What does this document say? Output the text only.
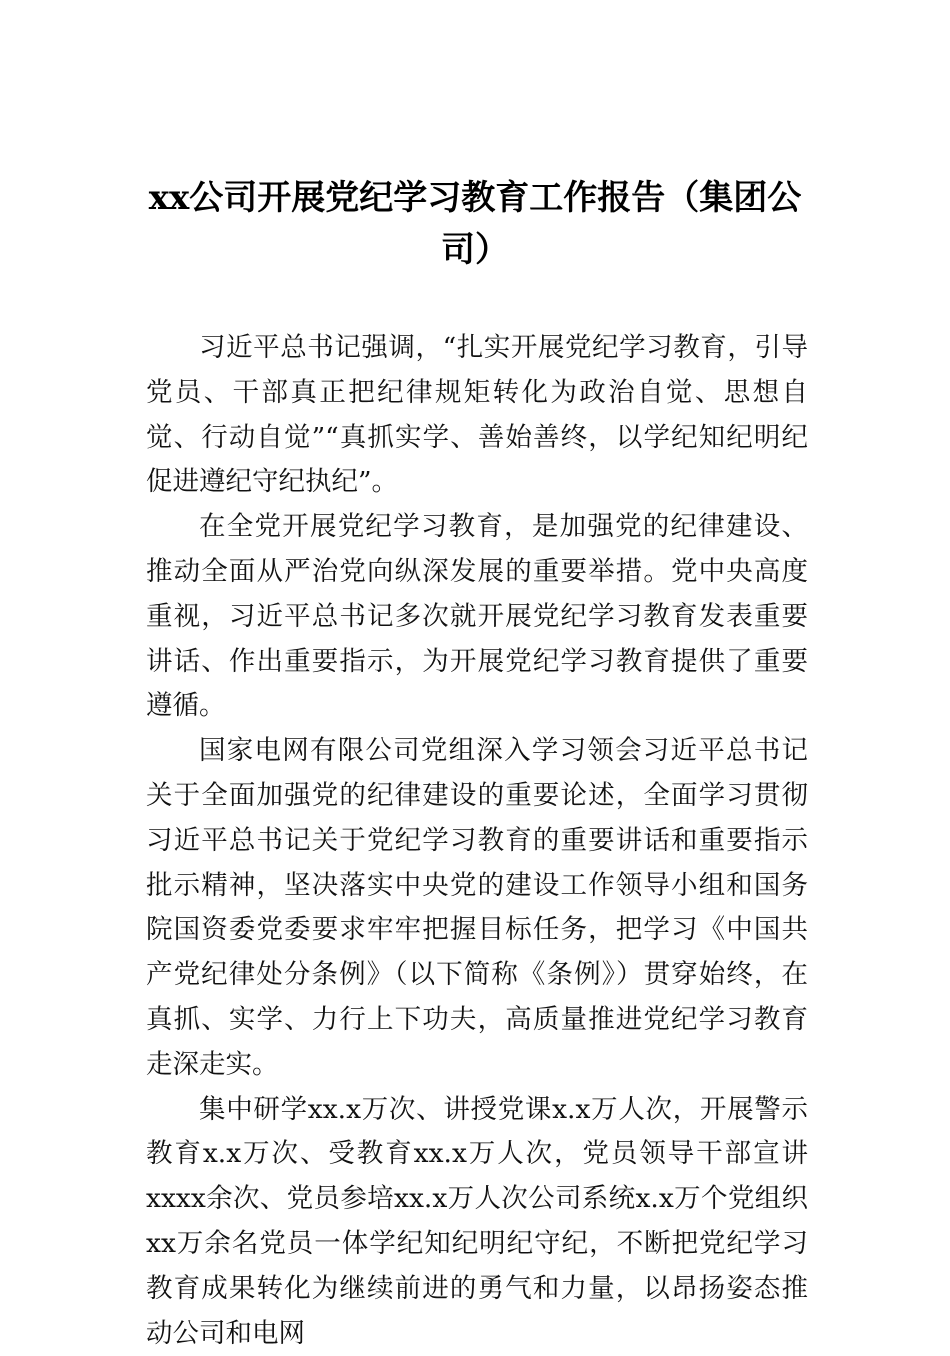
xx公司开展党纪学习教育工作报告（集团公司）

习近平总书记强调，“扎实开展党纪学习教育，引导党员、干部真正把纪律规矩转化为政治自觉、思想自觉、行动自觉”“真抓实学、善始善终，以学纪知纪明纪促进遵纪守纪执纪”。

在全党开展党纪学习教育，是加强党的纪律建设、推动全面从严治党向纵深发展的重要举措。党中央高度重视，习近平总书记多次就开展党纪学习教育发表重要讲话、作出重要指示，为开展党纪学习教育提供了重要遵循。

国家电网有限公司党组深入学习领会习近平总书记关于全面加强党的纪律建设的重要论述，全面学习贯彻习近平总书记关于党纪学习教育的重要讲话和重要指示批示精神，坚决落实中央党的建设工作领导小组和国务院国资委党委要求牢牢把握目标任务，把学习《中国共产党纪律处分条例》（以下简称《条例》）贯穿始终，在真抓、实学、力行上下功夫，高质量推进党纪学习教育走深走实。

集中研学xx.x万次、讲授党课x.x万人次，开展警示教育x.x万次、受教育xx.x万人次，党员领导干部宣讲xxxx余次、党员参培xx.x万人次公司系统x.x万个党组织xx万余名党员一体学纪知纪明纪守纪，不断把党纪学习教育成果转化为继续前进的勇气和力量，以昂扬姿态推动公司和电网
